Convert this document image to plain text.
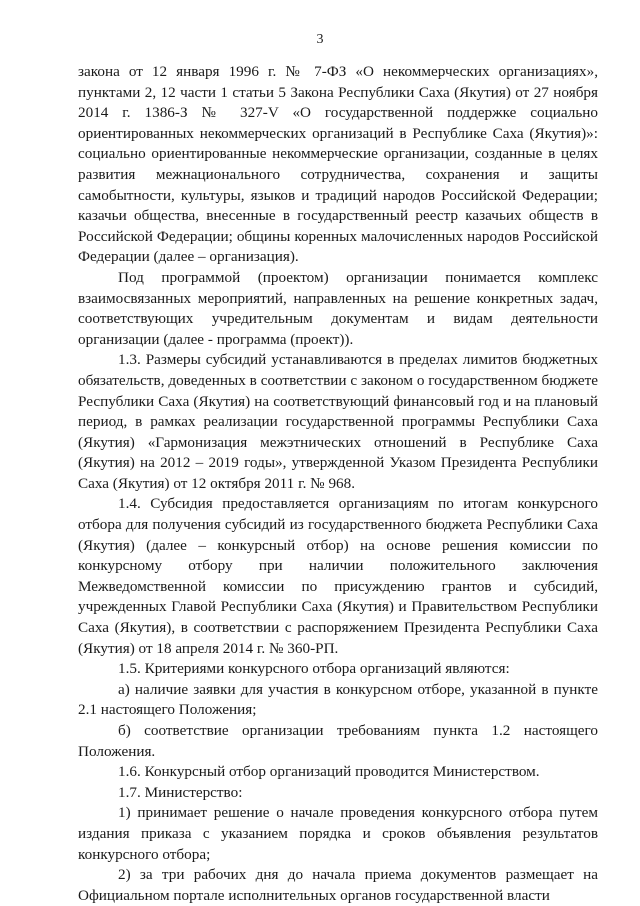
3

закона от 12 января 1996 г. № 7-ФЗ «О некоммерческих организациях», пунктами 2, 12 части 1 статьи 5 Закона Республики Саха (Якутия) от 27 ноября 2014 г. 1386-З № 327-V «О государственной поддержке социально ориентированных некоммерческих организаций в Республике Саха (Якутия)»: социально ориентированные некоммерческие организации, созданные в целях развития межнационального сотрудничества, сохранения и защиты самобытности, культуры, языков и традиций народов Российской Федерации; казачьи общества, внесенные в государственный реестр казачьих обществ в Российской Федерации; общины коренных малочисленных народов Российской Федерации (далее – организация).

Под программой (проектом) организации понимается комплекс взаимосвязанных мероприятий, направленных на решение конкретных задач, соответствующих учредительным документам и видам деятельности организации (далее - программа (проект)).

1.3. Размеры субсидий устанавливаются в пределах лимитов бюджетных обязательств, доведенных в соответствии с законом о государственном бюджете Республики Саха (Якутия) на соответствующий финансовый год и на плановый период, в рамках реализации государственной программы Республики Саха (Якутия) «Гармонизация межэтнических отношений в Республике Саха (Якутия) на 2012 – 2019 годы», утвержденной Указом Президента Республики Саха (Якутия) от 12 октября 2011 г. № 968.

1.4. Субсидия предоставляется организациям по итогам конкурсного отбора для получения субсидий из государственного бюджета Республики Саха (Якутия) (далее – конкурсный отбор) на основе решения комиссии по конкурсному отбору при наличии положительного заключения Межведомственной комиссии по присуждению грантов и субсидий, учрежденных Главой Республики Саха (Якутия) и Правительством Республики Саха (Якутия), в соответствии с распоряжением Президента Республики Саха (Якутия) от 18 апреля 2014 г. № 360-РП.

1.5. Критериями конкурсного отбора организаций являются:

а) наличие заявки для участия в конкурсном отборе, указанной в пункте 2.1 настоящего Положения;

б) соответствие организации требованиям пункта 1.2 настоящего Положения.

1.6. Конкурсный отбор организаций проводится Министерством.

1.7. Министерство:

1) принимает решение о начале проведения конкурсного отбора путем издания приказа с указанием порядка и сроков объявления результатов конкурсного отбора;

2) за три рабочих дня до начала приема документов размещает на Официальном портале исполнительных органов государственной власти
